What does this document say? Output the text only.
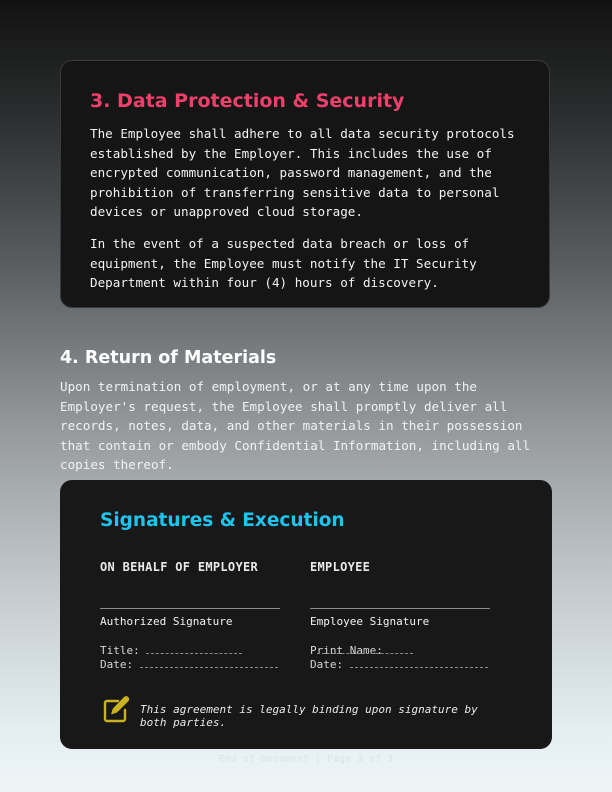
3. Data Protection & Security

The Employee shall adhere to all data security protocols established by the Employer. This includes the use of encrypted communication, password management, and the prohibition of transferring sensitive data to personal devices or unapproved cloud storage.

In the event of a suspected data breach or loss of equipment, the Employee must notify the IT Security Department within four (4) hours of discovery.

4. Return of Materials

Upon termination of employment, or at any time upon the Employer's request, the Employee shall promptly deliver all records, notes, data, and other materials in their possession that contain or embody Confidential Information, including all copies thereof.

Signatures & Execution
ON BEHALF OF EMPLOYER
Authorized Signature
Title:
Date:
EMPLOYEE
Employee Signature
Print Name:
Date:
This agreement is legally binding upon signature by both parties.
End of Document | Page 3 of 3
